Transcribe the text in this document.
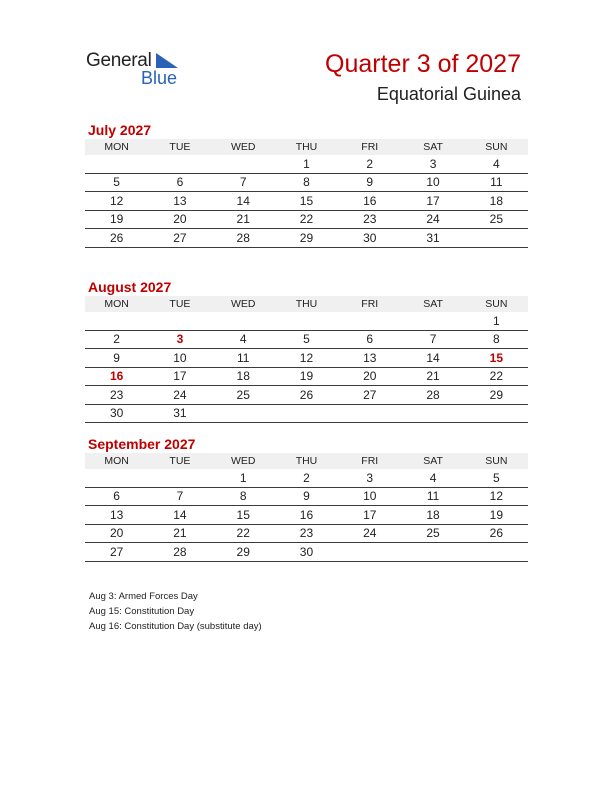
General
Blue	Quarter 3 of 2027
Equatorial Guinea
July 2027
MON	TUE	WED	THU	FRI	SAT	SUN
			1	2	3	4
5	6	7	8	9	10	11
12	13	14	15	16	17	18
19	20	21	22	23	24	25
26	27	28	29	30	31	
August 2027
MON	TUE	WED	THU	FRI	SAT	SUN
						1
2	3	4	5	6	7	8
9	10	11	12	13	14	15
16	17	18	19	20	21	22
23	24	25	26	27	28	29
30	31					
September 2027
MON	TUE	WED	THU	FRI	SAT	SUN
		1	2	3	4	5
6	7	8	9	10	11	12
13	14	15	16	17	18	19
20	21	22	23	24	25	26
27	28	29	30			
Aug 3: Armed Forces Day
Aug 15: Constitution Day
Aug 16: Constitution Day (substitute day)
